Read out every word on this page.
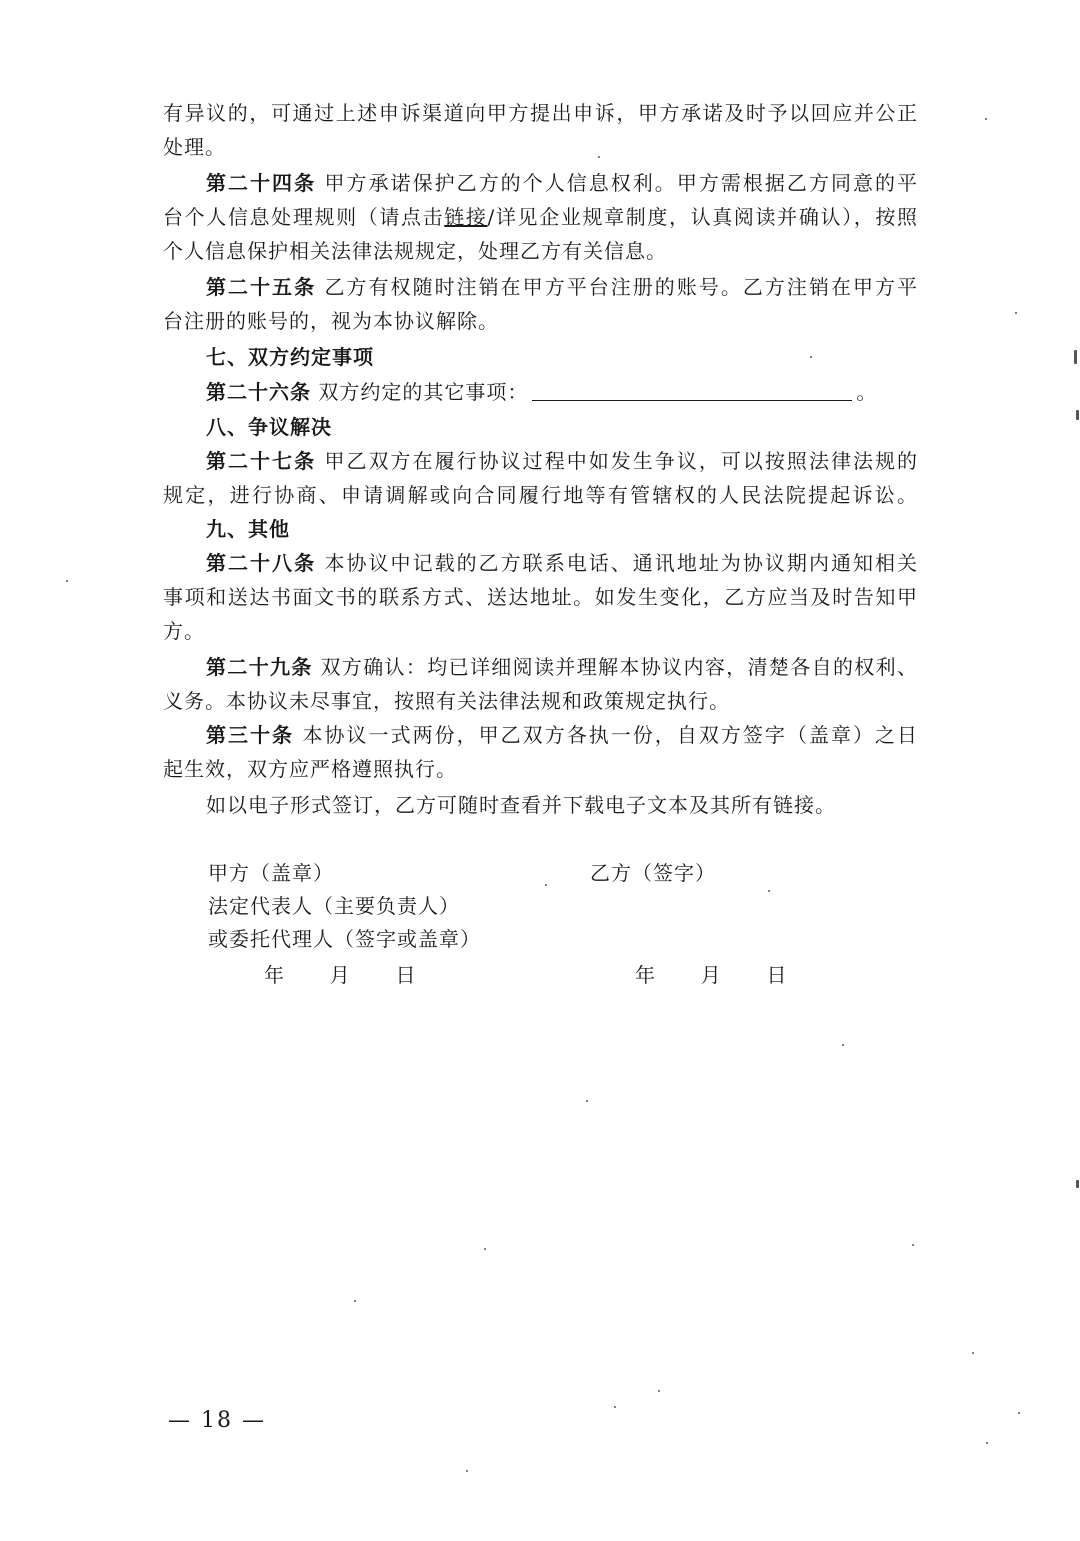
有异议的，可通过上述申诉渠道向甲方提出申诉，甲方承诺及时予以回应并公正
处理。
第二十四条 甲方承诺保护乙方的个人信息权利。甲方需根据乙方同意的平
台个人信息处理规则（请点击链接/详见企业规章制度，认真阅读并确认），按照
个人信息保护相关法律法规规定，处理乙方有关信息。
第二十五条 乙方有权随时注销在甲方平台注册的账号。乙方注销在甲方平
台注册的账号的，视为本协议解除。
七、双方约定事项
第二十六条 双方约定的其它事项：	。
八、争议解决
第二十七条 甲乙双方在履行协议过程中如发生争议，可以按照法律法规的
规定，进行协商、申请调解或向合同履行地等有管辖权的人民法院提起诉讼。
九、其他
第二十八条 本协议中记载的乙方联系电话、通讯地址为协议期内通知相关
事项和送达书面文书的联系方式、送达地址。如发生变化，乙方应当及时告知甲
方。
第二十九条 双方确认：均已详细阅读并理解本协议内容，清楚各自的权利、
义务。本协议未尽事宜，按照有关法律法规和政策规定执行。
第三十条 本协议一式两份，甲乙双方各执一份，自双方签字（盖章）之日
起生效，双方应严格遵照执行。
如以电子形式签订，乙方可随时查看并下载电子文本及其所有链接。
甲方（盖章）	乙方（签字）
法定代表人（主要负责人）
或委托代理人（签字或盖章）
年 月 日	年 月 日
— 18 —
